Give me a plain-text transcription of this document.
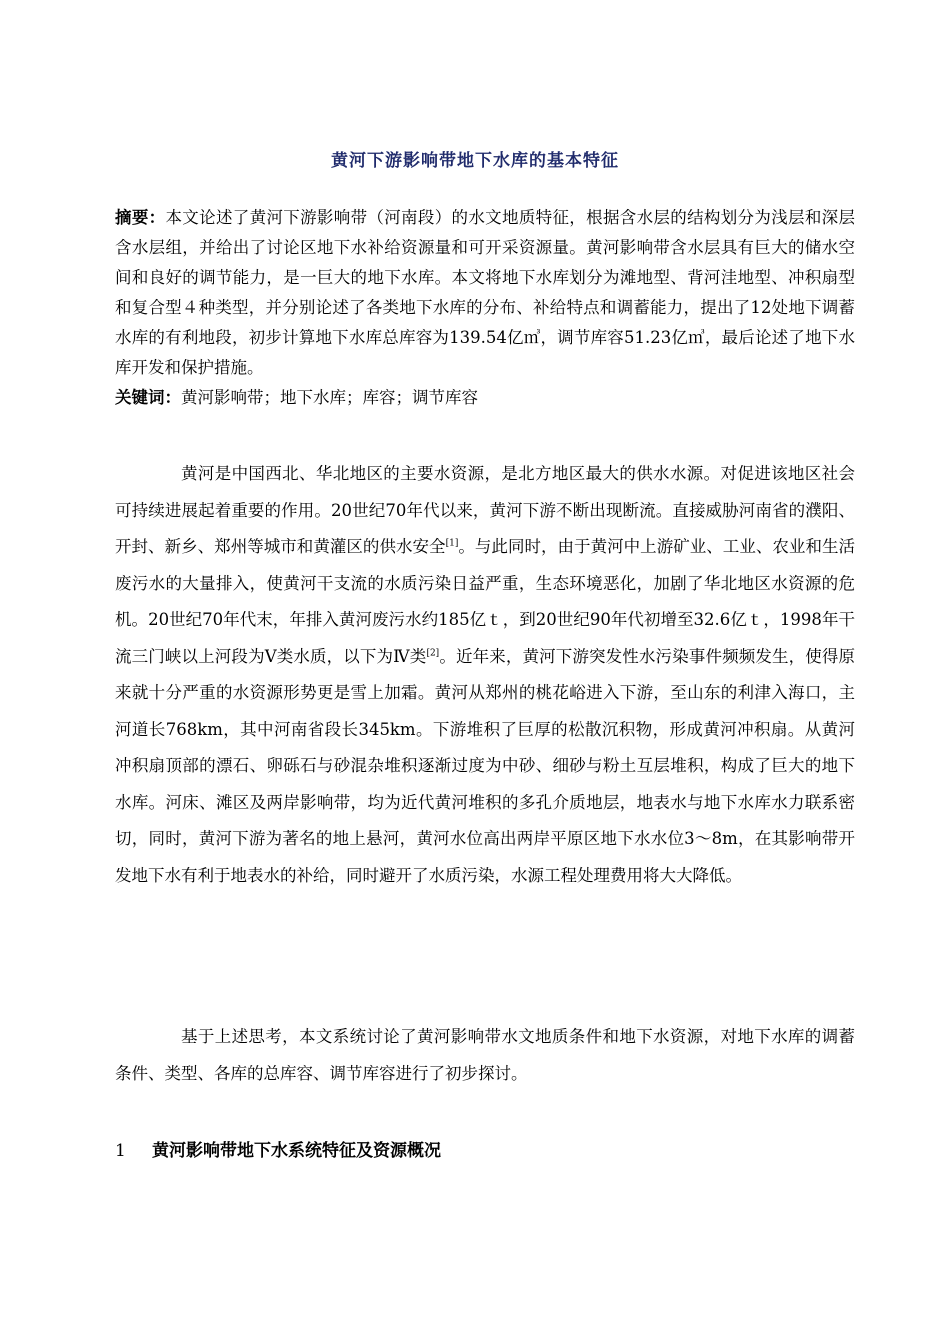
黄河下游影响带地下水库的基本特征
摘要：本文论述了黄河下游影响带（河南段）的水文地质特征，根据含水层的结构划分为浅层和深层含水层组，并给出了讨论区地下水补给资源量和可开采资源量。黄河影响带含水层具有巨大的储水空间和良好的调节能力，是一巨大的地下水库。本文将地下水库划分为滩地型、背河洼地型、冲积扇型和复合型４种类型，并分别论述了各类地下水库的分布、补给特点和调蓄能力，提出了12处地下调蓄水库的有利地段，初步计算地下水库总库容为139.54亿㎥，调节库容51.23亿㎥，最后论述了地下水库开发和保护措施。
关键词：黄河影响带；地下水库；库容；调节库容
黄河是中国西北、华北地区的主要水资源，是北方地区最大的供水水源。对促进该地区社会可持续进展起着重要的作用。20世纪70年代以来，黄河下游不断出现断流。直接威胁河南省的濮阳、开封、新乡、郑州等城市和黄灌区的供水安全[1]。与此同时，由于黄河中上游矿业、工业、农业和生活废污水的大量排入，使黄河干支流的水质污染日益严重，生态环境恶化，加剧了华北地区水资源的危机。20世纪70年代末，年排入黄河废污水约185亿ｔ，到20世纪90年代初增至32.6亿ｔ，1998年干流三门峡以上河段为Ⅴ类水质，以下为Ⅳ类[2]。近年来，黄河下游突发性水污染事件频频发生，使得原来就十分严重的水资源形势更是雪上加霜。黄河从郑州的桃花峪进入下游，至山东的利津入海口，主河道长768km，其中河南省段长345km。下游堆积了巨厚的松散沉积物，形成黄河冲积扇。从黄河冲积扇顶部的漂石、卵砾石与砂混杂堆积逐渐过度为中砂、细砂与粉土互层堆积，构成了巨大的地下水库。河床、滩区及两岸影响带，均为近代黄河堆积的多孔介质地层，地表水与地下水库水力联系密切，同时，黄河下游为著名的地上悬河，黄河水位高出两岸平原区地下水水位3～8m，在其影响带开发地下水有利于地表水的补给，同时避开了水质污染，水源工程处理费用将大大降低。
基于上述思考，本文系统讨论了黄河影响带水文地质条件和地下水资源，对地下水库的调蓄条件、类型、各库的总库容、调节库容进行了初步探讨。
1 黄河影响带地下水系统特征及资源概况
